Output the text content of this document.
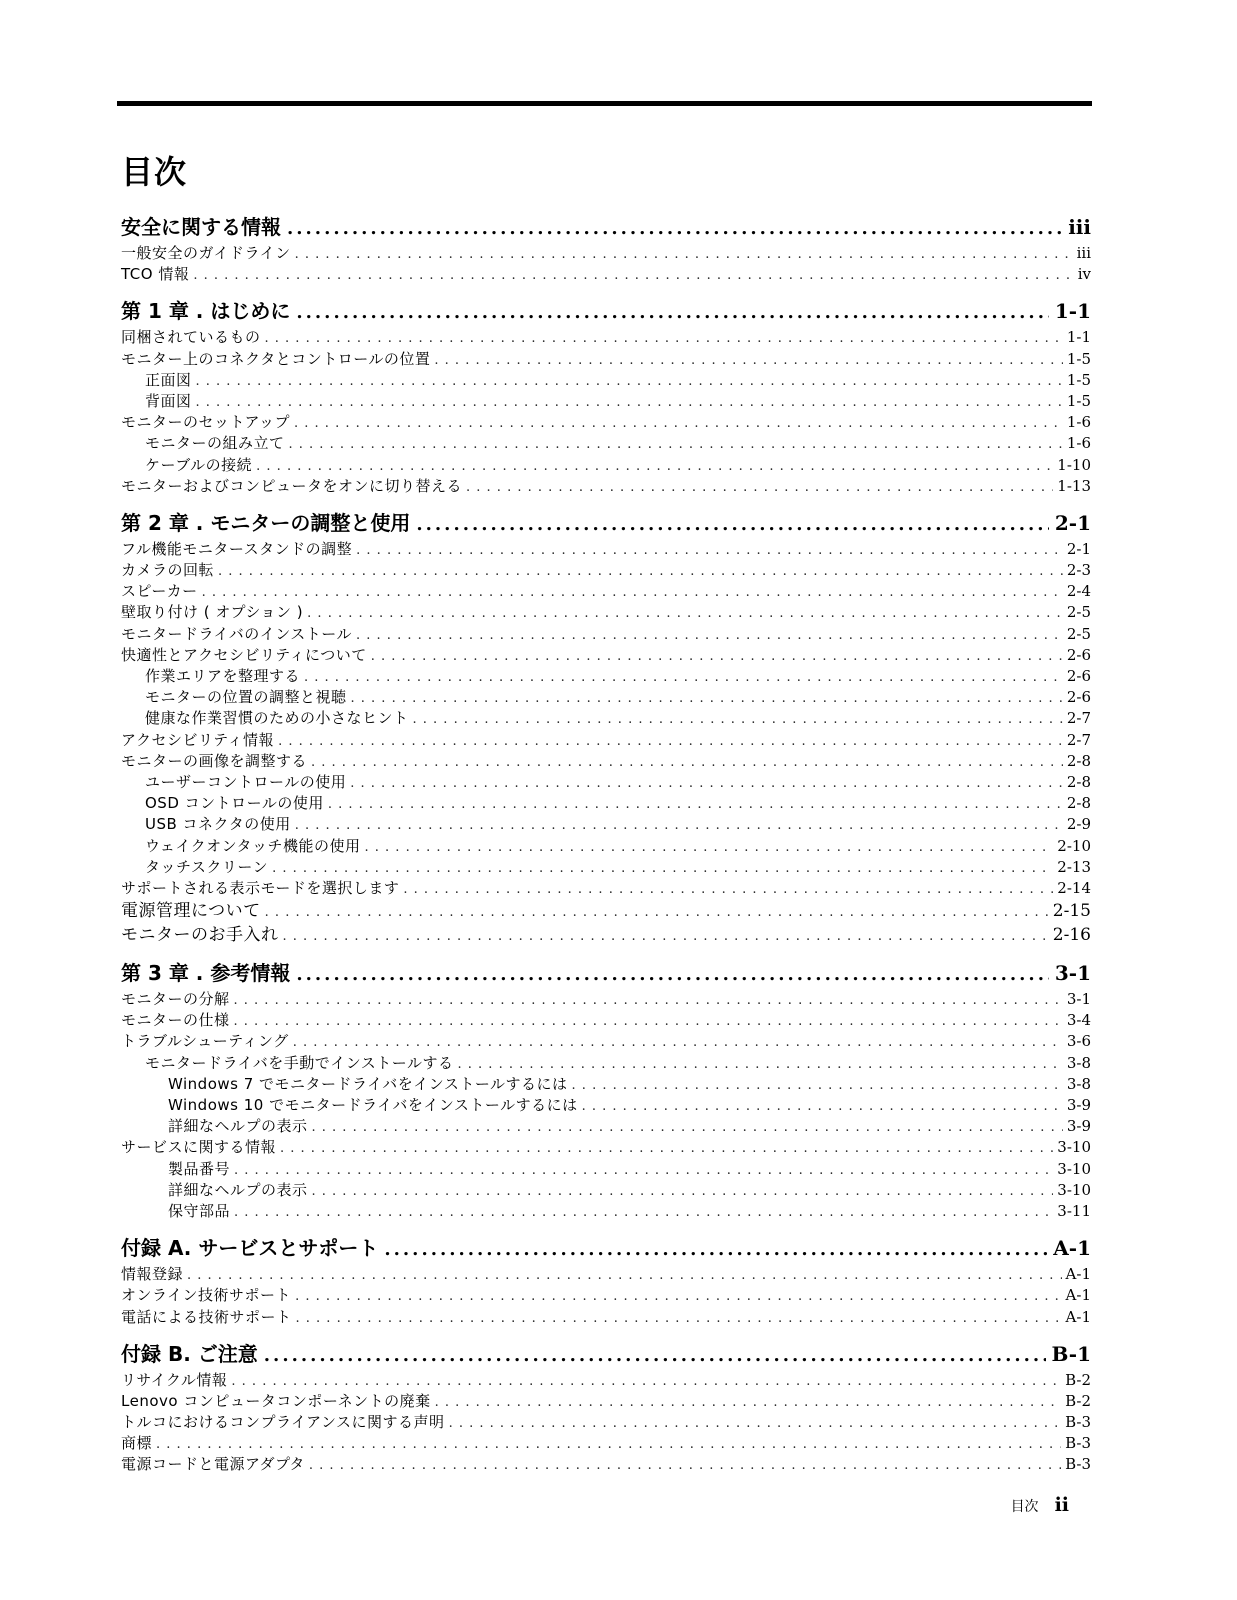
目次
安全に関する情報 .....	iii
一般安全のガイドライン . . .	iii
TCO 情報 . . .	iv
第 1 章 . はじめに .....	1-1
同梱されているもの . . .	1-1
モニター上のコネクタとコントロールの位置 . . .	1-5
正面図 . . .	1-5
背面図 . . .	1-5
モニターのセットアップ . . .	1-6
モニターの組み立て . . .	1-6
ケーブルの接続 . . .	1-10
モニターおよびコンピュータをオンに切り替える . . .	1-13
第 2 章 . モニターの調整と使用 .....	2-1
フル機能モニタースタンドの調整 . . .	2-1
カメラの回転 . . .	2-3
スピーカー . . .	2-4
壁取り付け ( オプション ) . . .	2-5
モニタードライバのインストール . . .	2-5
快適性とアクセシビリティについて . . .	2-6
作業エリアを整理する . . .	2-6
モニターの位置の調整と視聴 . . .	2-6
健康な作業習慣のための小さなヒント . . .	2-7
アクセシビリティ情報 . . .	2-7
モニターの画像を調整する . . .	2-8
ユーザーコントロールの使用 . . .	2-8
OSD コントロールの使用 . . .	2-8
USB コネクタの使用 . . .	2-9
ウェイクオンタッチ機能の使用 . . .	2-10
タッチスクリーン . . .	2-13
サポートされる表示モードを選択します . . .	2-14
電源管理について . . .	2-15
モニターのお手入れ . . .	2-16
第 3 章 . 参考情報 .....	3-1
モニターの分解 . . .	3-1
モニターの仕様 . . .	3-4
トラブルシューティング . . .	3-6
モニタードライバを手動でインストールする . . .	3-8
Windows 7 でモニタードライバをインストールするには . . .	3-8
Windows 10 でモニタードライバをインストールするには . . .	3-9
詳細なヘルプの表示 . . .	3-9
サービスに関する情報 . . .	3-10
製品番号 . . .	3-10
詳細なヘルプの表示 . . .	3-10
保守部品 . . .	3-11
付録 A. サービスとサポート .....	A-1
情報登録 . . .	A-1
オンライン技術サポート . . .	A-1
電話による技術サポート . . .	A-1
付録 B. ご注意 .....	B-1
リサイクル情報 . . .	B-2
Lenovo コンピュータコンポーネントの廃棄 . . .	B-2
トルコにおけるコンプライアンスに関する声明 . . .	B-3
商標 . . .	B-3
電源コードと電源アダプタ . . .	B-3
目次 ii
